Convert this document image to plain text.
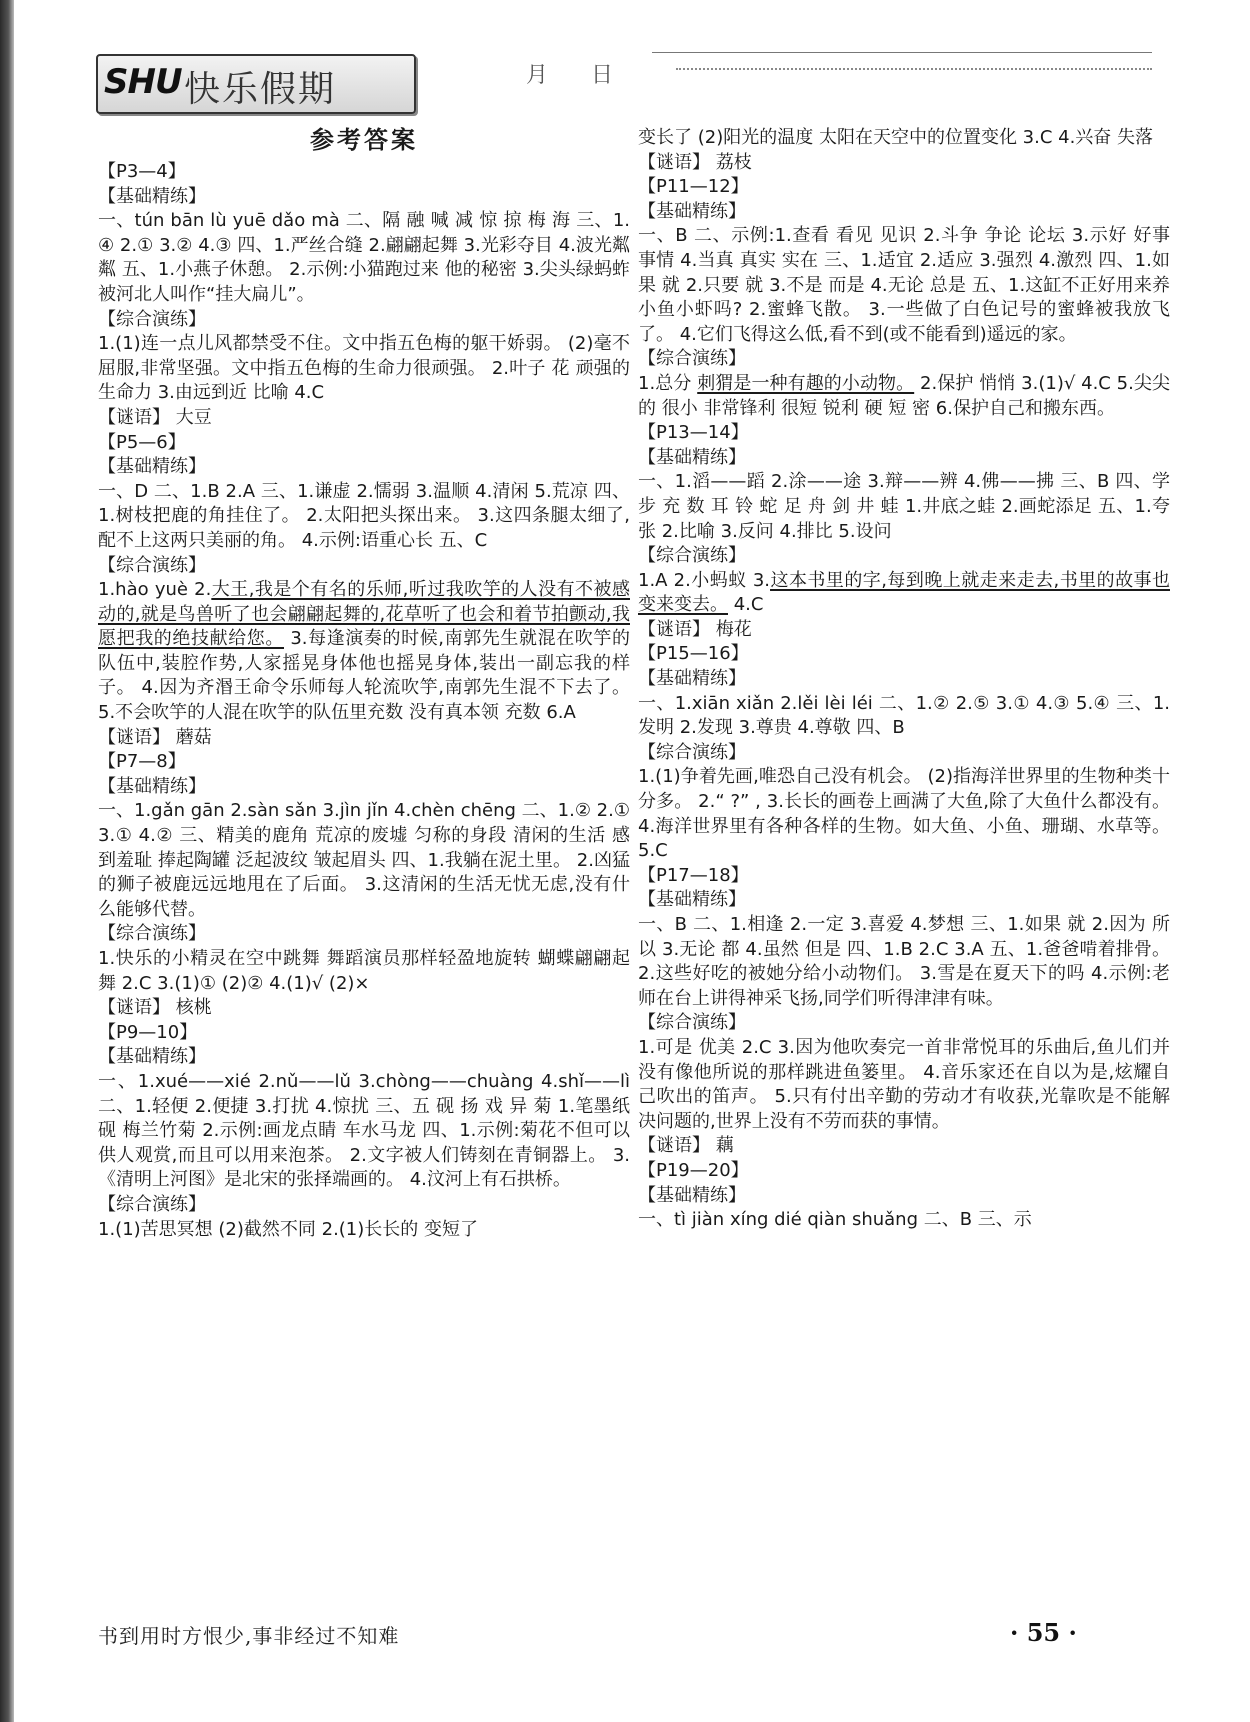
SHU 快乐假期	月 日

参考答案

【P3—4】

【基础精练】

一、tún bān lù yuē dǎo mà 二、隔 融 喊 减 惊 掠 梅 海 三、1.④ 2.① 3.② 4.③ 四、1.严丝合缝 2.翩翩起舞 3.光彩夺目 4.波光粼粼 五、1.小燕子休憩。 2.示例:小猫跑过来 他的秘密 3.尖头绿蚂蚱被河北人叫作“挂大扁儿”。

【综合演练】

1.(1)连一点儿风都禁受不住。文中指五色梅的躯干娇弱。 (2)毫不屈服,非常坚强。文中指五色梅的生命力很顽强。 2.叶子 花 顽强的生命力 3.由远到近 比喻 4.C

【谜语】 大豆

【P5—6】

【基础精练】

一、D 二、1.B 2.A 三、1.谦虚 2.懦弱 3.温顺 4.清闲 5.荒凉 四、1.树枝把鹿的角挂住了。 2.太阳把头探出来。 3.这四条腿太细了,配不上这两只美丽的角。 4.示例:语重心长 五、C

【综合演练】

1.hào yuè 2.大王,我是个有名的乐师,听过我吹竽的人没有不被感动的,就是鸟兽听了也会翩翩起舞的,花草听了也会和着节拍颤动,我愿把我的绝技献给您。 3.每逢演奏的时候,南郭先生就混在吹竽的队伍中,装腔作势,人家摇晃身体他也摇晃身体,装出一副忘我的样子。 4.因为齐湣王命令乐师每人轮流吹竽,南郭先生混不下去了。 5.不会吹竽的人混在吹竽的队伍里充数 没有真本领 充数 6.A

【谜语】 蘑菇

【P7—8】

【基础精练】

一、1.gǎn gān 2.sàn sǎn 3.jìn jǐn 4.chèn chēng 二、1.② 2.① 3.① 4.② 三、精美的鹿角 荒凉的废墟 匀称的身段 清闲的生活 感到羞耻 捧起陶罐 泛起波纹 皱起眉头 四、1.我躺在泥土里。 2.凶猛的狮子被鹿远远地甩在了后面。 3.这清闲的生活无忧无虑,没有什么能够代替。

【综合演练】

1.快乐的小精灵在空中跳舞 舞蹈演员那样轻盈地旋转 蝴蝶翩翩起舞 2.C 3.(1)① (2)② 4.(1)√ (2)×

【谜语】 核桃

【P9—10】

【基础精练】

一、1.xué——xié 2.nǔ——lǔ 3.chòng——chuàng 4.shǐ——lì 二、1.轻便 2.便捷 3.打扰 4.惊扰 三、五 砚 扬 戏 异 菊 1.笔墨纸砚 梅兰竹菊 2.示例:画龙点睛 车水马龙 四、1.示例:菊花不但可以供人观赏,而且可以用来泡茶。 2.文字被人们铸刻在青铜器上。 3.《清明上河图》是北宋的张择端画的。 4.汶河上有石拱桥。

【综合演练】

1.(1)苦思冥想 (2)截然不同 2.(1)长长的 变短了

变长了 (2)阳光的温度 太阳在天空中的位置变化 3.C 4.兴奋 失落

【谜语】 荔枝

【P11—12】

【基础精练】

一、B 二、示例:1.查看 看见 见识 2.斗争 争论 论坛 3.示好 好事 事情 4.当真 真实 实在 三、1.适宜 2.适应 3.强烈 4.激烈 四、1.如果 就 2.只要 就 3.不是 而是 4.无论 总是 五、1.这缸不正好用来养小鱼小虾吗? 2.蜜蜂飞散。 3.一些做了白色记号的蜜蜂被我放飞了。 4.它们飞得这么低,看不到(或不能看到)遥远的家。

【综合演练】

1.总分 刺猬是一种有趣的小动物。 2.保护 悄悄 3.(1)√ 4.C 5.尖尖的 很小 非常锋利 很短 锐利 硬 短 密 6.保护自己和搬东西。

【P13—14】

【基础精练】

一、1.滔——蹈 2.涂——途 3.辩——辨 4.佛——拂 三、B 四、学 步 充 数 耳 铃 蛇 足 舟 剑 井 蛙 1.井底之蛙 2.画蛇添足 五、1.夸张 2.比喻 3.反问 4.排比 5.设问

【综合演练】

1.A 2.小蚂蚁 3.这本书里的字,每到晚上就走来走去,书里的故事也变来变去。 4.C

【谜语】 梅花

【P15—16】

【基础精练】

一、1.xiān xiǎn 2.lěi lèi léi 二、1.② 2.⑤ 3.① 4.③ 5.④ 三、1.发明 2.发现 3.尊贵 4.尊敬 四、B

【综合演练】

1.(1)争着先画,唯恐自己没有机会。 (2)指海洋世界里的生物种类十分多。 2.“ ?” , 3.长长的画卷上画满了大鱼,除了大鱼什么都没有。 4.海洋世界里有各种各样的生物。如大鱼、小鱼、珊瑚、水草等。 5.C

【P17—18】

【基础精练】

一、B 二、1.相逢 2.一定 3.喜爱 4.梦想 三、1.如果 就 2.因为 所以 3.无论 都 4.虽然 但是 四、1.B 2.C 3.A 五、1.爸爸啃着排骨。 2.这些好吃的被她分给小动物们。 3.雪是在夏天下的吗 4.示例:老师在台上讲得神采飞扬,同学们听得津津有味。

【综合演练】

1.可是 优美 2.C 3.因为他吹奏完一首非常悦耳的乐曲后,鱼儿们并没有像他所说的那样跳进鱼篓里。 4.音乐家还在自以为是,炫耀自己吹出的笛声。 5.只有付出辛勤的劳动才有收获,光靠吹是不能解决问题的,世界上没有不劳而获的事情。

【谜语】 藕

【P19—20】

【基础精练】

一、tì jiàn xíng dié qiàn shuǎng 二、B 三、示

书到用时方恨少,事非经过不知难	· 55 ·
